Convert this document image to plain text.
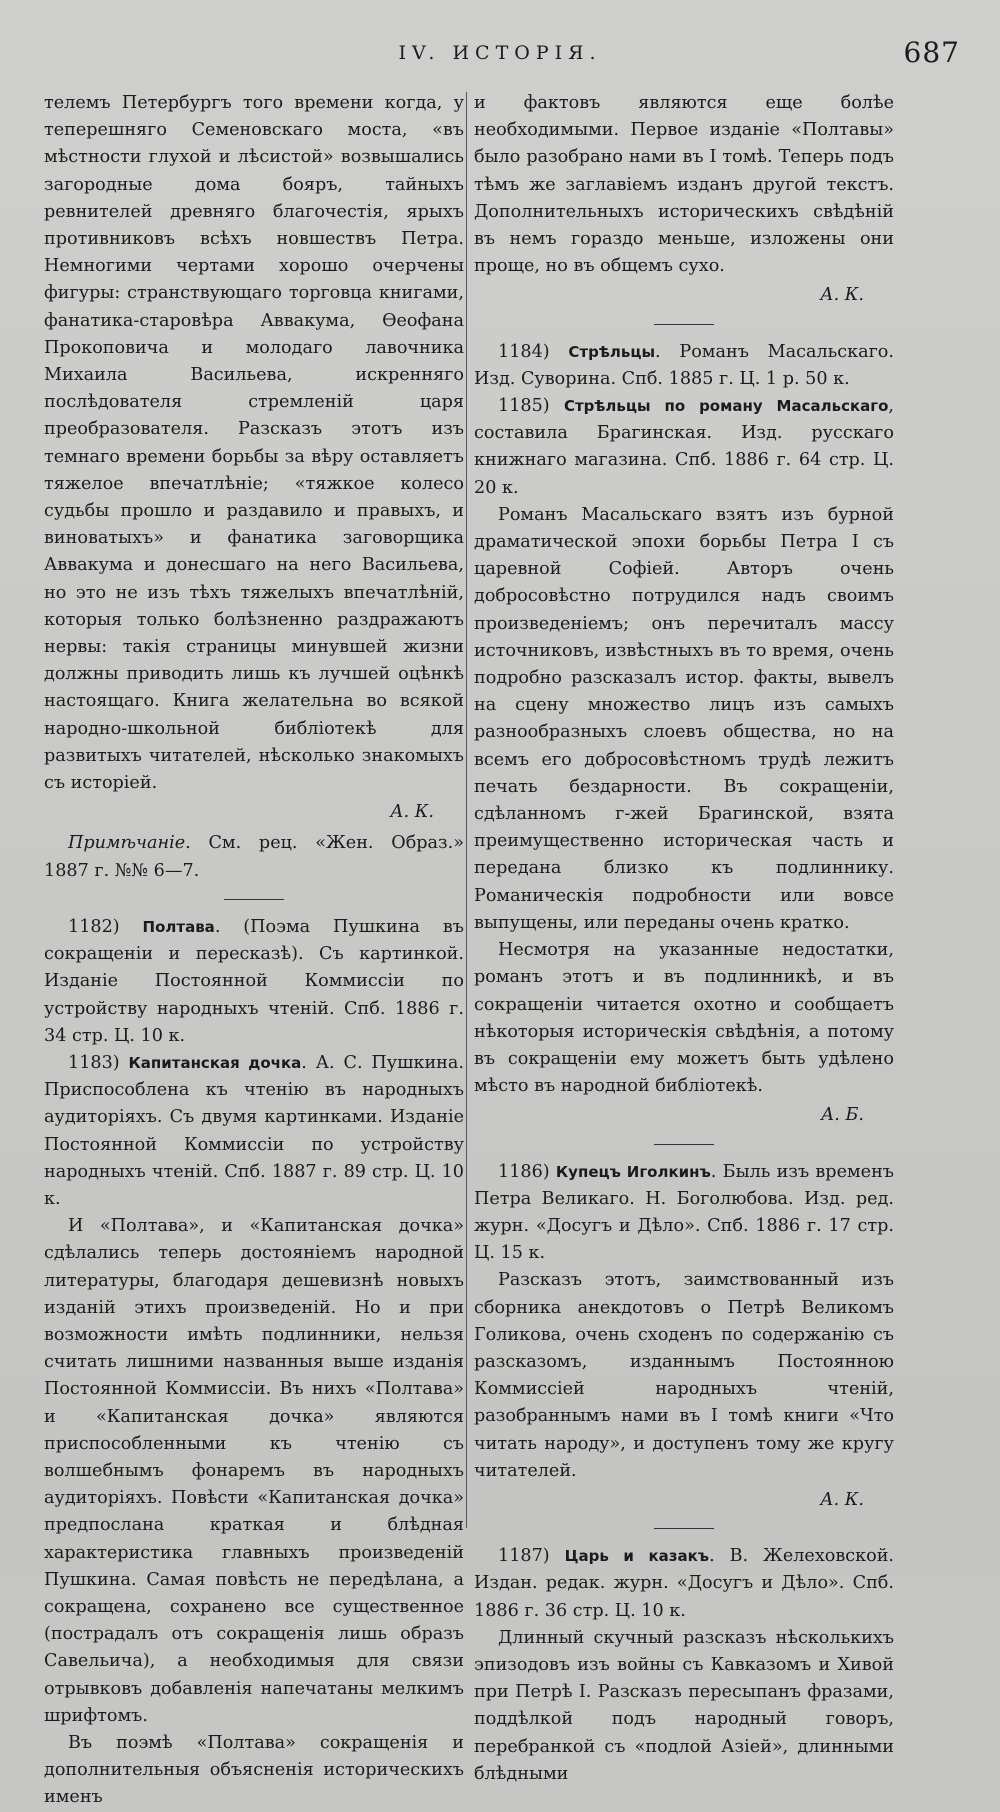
IV. ИСТОРІЯ.	687

телемъ Петербургъ того времени когда, у теперешняго Семеновскаго моста, «въ мѣстности глухой и лѣсистой» возвышались загородные дома бояръ, тайныхъ ревнителей древняго благочестія, ярыхъ противниковъ всѣхъ новшествъ Петра. Немногими чертами хорошо очерчены фигуры: странствующаго торговца книгами, фанатика-старовѣра Аввакума, Ѳеофана Прокоповича и молодаго лавочника Михаила Васильева, искренняго послѣдователя стремленій царя преобразователя. Разсказъ этотъ изъ темнаго времени борьбы за вѣру оставляетъ тяжелое впечатлѣніе; «тяжкое колесо судьбы прошло и раздавило и правыхъ, и виноватыхъ» и фанатика заговорщика Аввакума и донесшаго на него Васильева, но это не изъ тѣхъ тяжелыхъ впечатлѣній, которыя только болѣзненно раздражаютъ нервы: такія страницы минувшей жизни должны приводить лишь къ лучшей оцѣнкѣ настоящаго. Книга желательна во всякой народно-школьной библіотекѣ для развитыхъ читателей, нѣсколько знакомыхъ съ исторіей.

А. К.

Примѣчаніе. См. рец. «Жен. Образ.» 1887 г. №№ 6—7.

1182) Полтава. (Поэма Пушкина въ сокращеніи и пересказѣ). Съ картинкой. Изданіе Постоянной Коммиссіи по устройству народныхъ чтеній. Спб. 1886 г. 34 стр. Ц. 10 к.

1183) Капитанская дочка. А. С. Пушкина. Приспособлена къ чтенію въ народныхъ аудиторіяхъ. Съ двумя картинками. Изданіе Постоянной Коммиссіи по устройству народныхъ чтеній. Спб. 1887 г. 89 стр. Ц. 10 к.

И «Полтава», и «Капитанская дочка» сдѣлались теперь достояніемъ народной литературы, благодаря дешевизнѣ новыхъ изданій этихъ произведеній. Но и при возможности имѣть подлинники, нельзя считать лишними названныя выше изданія Постоянной Коммиссіи. Въ нихъ «Полтава» и «Капитанская дочка» являются приспособленными къ чтенію съ волшебнымъ фонаремъ въ народныхъ аудиторіяхъ. Повѣсти «Капитанская дочка» предпослана краткая и блѣдная характеристика главныхъ произведеній Пушкина. Самая повѣсть не передѣлана, а сокращена, сохранено все существенное (пострадалъ отъ сокращенія лишь образъ Савельича), а необходимыя для связи отрывковъ добавленія напечатаны мелкимъ шрифтомъ.

Въ поэмѣ «Полтава» сокращенія и дополнительныя объясненія историческихъ именъ

и фактовъ являются еще болѣе необходимыми. Первое изданіе «Полтавы» было разобрано нами въ I томѣ. Теперь подъ тѣмъ же заглавіемъ изданъ другой текстъ. Дополнительныхъ историческихъ свѣдѣній въ немъ гораздо меньше, изложены они проще, но въ общемъ сухо.

А. К.

1184) Стрѣльцы. Романъ Масальскаго. Изд. Суворина. Спб. 1885 г. Ц. 1 р. 50 к.

1185) Стрѣльцы по роману Масальскаго, составила Брагинская. Изд. русскаго книжнаго магазина. Спб. 1886 г. 64 стр. Ц. 20 к.

Романъ Масальскаго взятъ изъ бурной драматической эпохи борьбы Петра I съ царевной Софіей. Авторъ очень добросовѣстно потрудился надъ своимъ произведеніемъ; онъ перечиталъ массу источниковъ, извѣстныхъ въ то время, очень подробно разсказалъ истор. факты, вывелъ на сцену множество лицъ изъ самыхъ разнообразныхъ слоевъ общества, но на всемъ его добросовѣстномъ трудѣ лежитъ печать бездарности. Въ сокращеніи, сдѣланномъ г-жей Брагинской, взята преимущественно историческая часть и передана близко къ подлиннику. Романическія подробности или вовсе выпущены, или переданы очень кратко.

Несмотря на указанные недостатки, романъ этотъ и въ подлинникѣ, и въ сокращеніи читается охотно и сообщаетъ нѣкоторыя историческія свѣдѣнія, а потому въ сокращеніи ему можетъ быть удѣлено мѣсто въ народной библіотекѣ.

А. Б.

1186) Купецъ Иголкинъ. Быль изъ временъ Петра Великаго. Н. Боголюбова. Изд. ред. журн. «Досугъ и Дѣло». Спб. 1886 г. 17 стр. Ц. 15 к.

Разсказъ этотъ, заимствованный изъ сборника анекдотовъ о Петрѣ Великомъ Голикова, очень сходенъ по содержанію съ разсказомъ, изданнымъ Постоянною Коммиссіей народныхъ чтеній, разобраннымъ нами въ I томѣ книги «Что читать народу», и доступенъ тому же кругу читателей.

А. К.

1187) Царь и казакъ. В. Желеховской. Издан. редак. журн. «Досугъ и Дѣло». Спб. 1886 г. 36 стр. Ц. 10 к.

Длинный скучный разсказъ нѣсколькихъ эпизодовъ изъ войны съ Кавказомъ и Хивой при Петрѣ I. Разсказъ пересыпанъ фразами, поддѣлкой подъ народный говоръ, перебранкой съ «подлой Азіей», длинными блѣдными
